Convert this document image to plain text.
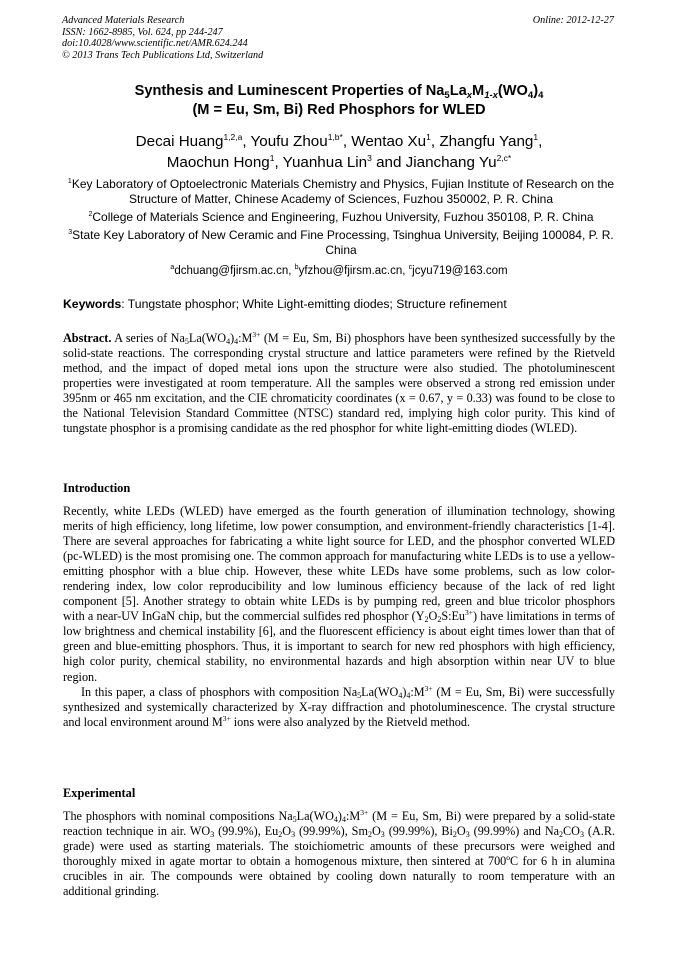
Advanced Materials Research
ISSN: 1662-8985, Vol. 624, pp 244-247
doi:10.4028/www.scientific.net/AMR.624.244
© 2013 Trans Tech Publications Ltd, Switzerland
Online: 2012-12-27
Synthesis and Luminescent Properties of $Na_5La_xM_{1-x}(WO_4)_4$
(M = Eu, Sm, Bi) Red Phosphors for WLED
Decai Huang$^{1,2,a}$, Youfu Zhou$^{1,b*}$, Wentao Xu$^1$, Zhangfu Yang$^1$,
Maochun Hong$^1$, Yuanhua Lin$^3$ and Jianchang $Yu^{2,c*}$
$^1$Key Laboratory of Optoelectronic Materials Chemistry and Physics, Fujian Institute of Research on the Structure of Matter, Chinese Academy of Sciences, Fuzhou 350002, P. R. China
$^2$College of Materials Science and Engineering, Fuzhou University, Fuzhou 350108, P. R. China
$^3$State Key Laboratory of New Ceramic and Fine Processing, Tsinghua University, Beijing 100084, P. R. China
$^a$dchuang@fjirsm.ac.cn, $^b$yfzhou@fjirsm.ac.cn, $^c$jcyu719@163.com
Keywords: Tungstate phosphor; White Light-emitting diodes; Structure refinement
Abstract. A series of $Na_5La(WO_4)_4:M^{3+}$ (M = Eu, Sm, Bi) phosphors have been synthesized successfully by the solid-state reactions. The corresponding crystal structure and lattice parameters were refined by the Rietveld method, and the impact of doped metal ions upon the structure were also studied. The photoluminescent properties were investigated at room temperature. All the samples were observed a strong red emission under 395nm or 465 nm excitation, and the CIE chromaticity coordinates (x = 0.67, y = 0.33) was found to be close to the National Television Standard Committee (NTSC) standard red, implying high color purity. This kind of tungstate phosphor is a promising candidate as the red phosphor for white light-emitting diodes (WLED).
Introduction

Recently, white LEDs (WLED) have emerged as the fourth generation of illumination technology, showing merits of high efficiency, long lifetime, low power consumption, and environment-friendly characteristics [1-4]. There are several approaches for fabricating a white light source for LED, and the phosphor converted WLED (pc-WLED) is the most promising one. The common approach for manufacturing white LEDs is to use a yellow-emitting phosphor with a blue chip. However, these white LEDs have some problems, such as low color-rendering index, low color reproducibility and low luminous efficiency because of the lack of red light component [5]. Another strategy to obtain white LEDs is by pumping red, green and blue tricolor phosphors with a near-UV InGaN chip, but the commercial sulfides red phosphor $(Y_2O_2S:Eu^{3+})$ have limitations in terms of low brightness and chemical instability [6], and the fluorescent efficiency is about eight times lower than that of green and blue-emitting phosphors. Thus, it is important to search for new red phosphors with high efficiency, high color purity, chemical stability, no environmental hazards and high absorption within near UV to blue region.

In this paper, a class of phosphors with composition $Na_5La(WO_4)_4:M^{3+}$ (M = Eu, Sm, Bi) were successfully synthesized and systemically characterized by X-ray diffraction and photoluminescence. The crystal structure and local environment around $M^{3+}$ ions were also analyzed by the Rietveld method.

Experimental
The phosphors with nominal compositions $Na_5La(WO_4)_4:M^{3+}$ (M = Eu, Sm, Bi) were prepared by a solid-state reaction technique in air. $WO_3$ (99.9%), $Eu_2O_3$ (99.99%), $Sm_2O_3$ (99.99%), $Bi_2O_3$ (99.99%) and $Na_2CO_3$ (A.R. grade) were used as starting materials. The stoichiometric amounts of these precursors were weighed and thoroughly mixed in agate mortar to obtain a homogenous mixture, then sintered at 700ºC for 6 h in alumina crucibles in air. The compounds were obtained by cooling down naturally to room temperature with an additional grinding.
